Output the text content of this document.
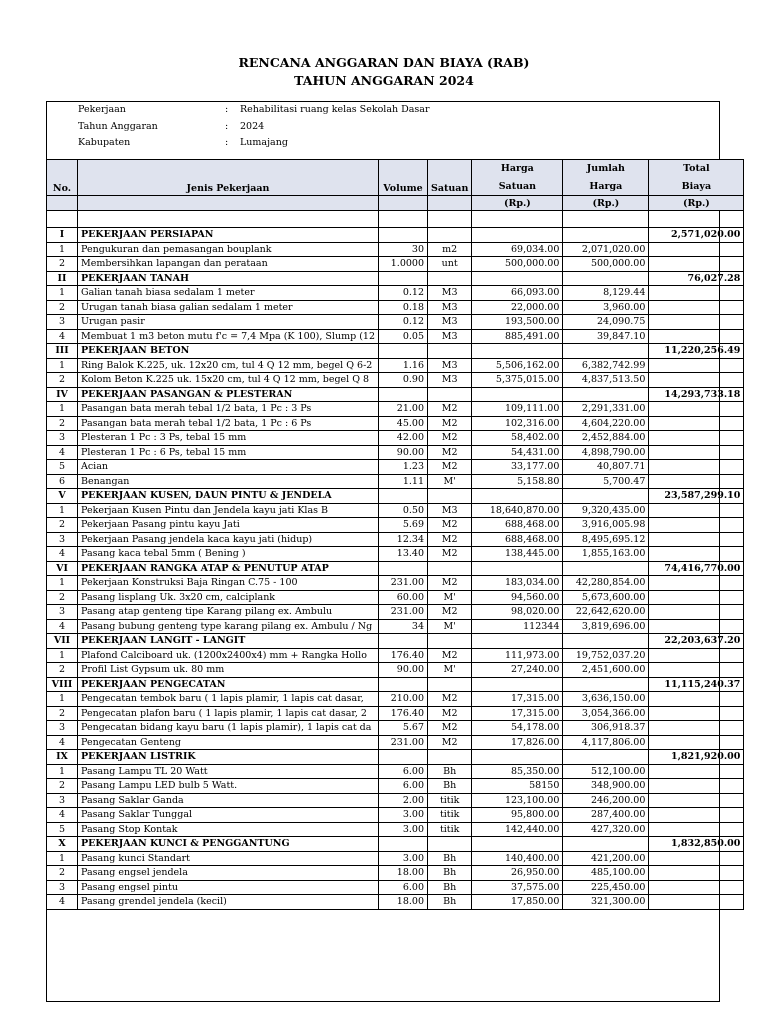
RENCANA ANGGARAN DAN BIAYA (RAB)
TAHUN ANGGARAN 2024
Pekerjaan	: Rehabilitasi ruang kelas Sekolah Dasar
Tahun Anggaran	: 2024
Kabupaten	: Lumajang
No.	Jenis Pekerjaan	Volume	Satuan	Harga	Jumlah	Total
				Satuan	Harga	Biaya
				(Rp.)	(Rp.)	(Rp.)

I	PEKERJAAN PERSIAPAN					2,571,020.00
1	Pengukuran dan pemasangan bouplank	30	m2	69,034.00	2,071,020.00	
2	Membersihkan lapangan dan perataan	1.0000	unt	500,000.00	500,000.00	
II	PEKERJAAN TANAH					76,027.28
1	Galian tanah biasa sedalam 1 meter	0.12	M3	66,093.00	8,129.44	
2	Urugan tanah biasa galian sedalam 1 meter	0.18	M3	22,000.00	3,960.00	
3	Urugan pasir	0.12	M3	193,500.00	24,090.75	
4	Membuat 1 m3 beton mutu f'c = 7,4 Mpa (K 100), Slump (12	0.05	M3	885,491.00	39,847.10	
III	PEKERJAAN BETON					11,220,256.49
1	Ring Balok K.225, uk. 12x20 cm, tul 4 Q 12 mm, begel Q 6-2	1.16	M3	5,506,162.00	6,382,742.99	
2	Kolom Beton K.225 uk. 15x20 cm, tul 4 Q 12 mm, begel Q 8	0.90	M3	5,375,015.00	4,837,513.50	
IV	PEKERJAAN PASANGAN & PLESTERAN					14,293,733.18
1	Pasangan bata merah tebal 1/2 bata, 1 Pc : 3 Ps	21.00	M2	109,111.00	2,291,331.00	
2	Pasangan bata merah tebal 1/2 bata, 1 Pc : 6 Ps	45.00	M2	102,316.00	4,604,220.00	
3	Plesteran 1 Pc : 3 Ps, tebal 15 mm	42.00	M2	58,402.00	2,452,884.00	
4	Plesteran 1 Pc : 6 Ps, tebal 15 mm	90.00	M2	54,431.00	4,898,790.00	
5	Acian	1.23	M2	33,177.00	40,807.71	
6	Benangan	1.11	M'	5,158.80	5,700.47	
V	PEKERJAAN KUSEN, DAUN PINTU & JENDELA					23,587,299.10
1	Pekerjaan Kusen Pintu dan Jendela kayu jati Klas B	0.50	M3	18,640,870.00	9,320,435.00	
2	Pekerjaan Pasang pintu kayu Jati	5.69	M2	688,468.00	3,916,005.98	
3	Pekerjaan Pasang jendela kaca kayu jati (hidup)	12.34	M2	688,468.00	8,495,695.12	
4	Pasang kaca tebal 5mm ( Bening )	13.40	M2	138,445.00	1,855,163.00	
VI	PEKERJAAN RANGKA ATAP & PENUTUP ATAP					74,416,770.00
1	Pekerjaan Konstruksi Baja Ringan C.75 - 100	231.00	M2	183,034.00	42,280,854.00	
2	Pasang lisplang Uk. 3x20 cm, calciplank	60.00	M'	94,560.00	5,673,600.00	
3	Pasang atap genteng tipe Karang pilang ex. Ambulu	231.00	M2	98,020.00	22,642,620.00	
4	Pasang bubung genteng type karang pilang ex. Ambulu / Ng	34	M'	112344	3,819,696.00	
VII	PEKERJAAN LANGIT - LANGIT					22,203,637.20
1	Plafond Calciboard uk. (1200x2400x4) mm + Rangka Hollo	176.40	M2	111,973.00	19,752,037.20	
2	Profil List Gypsum uk. 80 mm	90.00	M'	27,240.00	2,451,600.00	
VIII	PEKERJAAN PENGECATAN					11,115,240.37
1	Pengecatan tembok baru ( 1 lapis plamir, 1 lapis cat dasar,	210.00	M2	17,315.00	3,636,150.00	
2	Pengecatan plafon baru ( 1 lapis plamir, 1 lapis cat dasar, 2	176.40	M2	17,315.00	3,054,366.00	
3	Pengecatan bidang kayu baru (1 lapis plamir), 1 lapis cat da	5.67	M2	54,178.00	306,918.37	
4	Pengecatan Genteng	231.00	M2	17,826.00	4,117,806.00	
IX	PEKERJAAN LISTRIK					1,821,920.00
1	Pasang Lampu TL 20 Watt	6.00	Bh	85,350.00	512,100.00	
2	Pasang Lampu LED bulb 5 Watt.	6.00	Bh	58150	348,900.00	
3	Pasang Saklar Ganda	2.00	titik	123,100.00	246,200.00	
4	Pasang Saklar Tunggal	3.00	titik	95,800.00	287,400.00	
5	Pasang Stop Kontak	3.00	titik	142,440.00	427,320.00	
X	PEKERJAAN KUNCI & PENGGANTUNG					1,832,850.00
1	Pasang kunci Standart	3.00	Bh	140,400.00	421,200.00	
2	Pasang engsel jendela	18.00	Bh	26,950.00	485,100.00	
3	Pasang engsel pintu	6.00	Bh	37,575.00	225,450.00	
4	Pasang grendel jendela (kecil)	18.00	Bh	17,850.00	321,300.00	
